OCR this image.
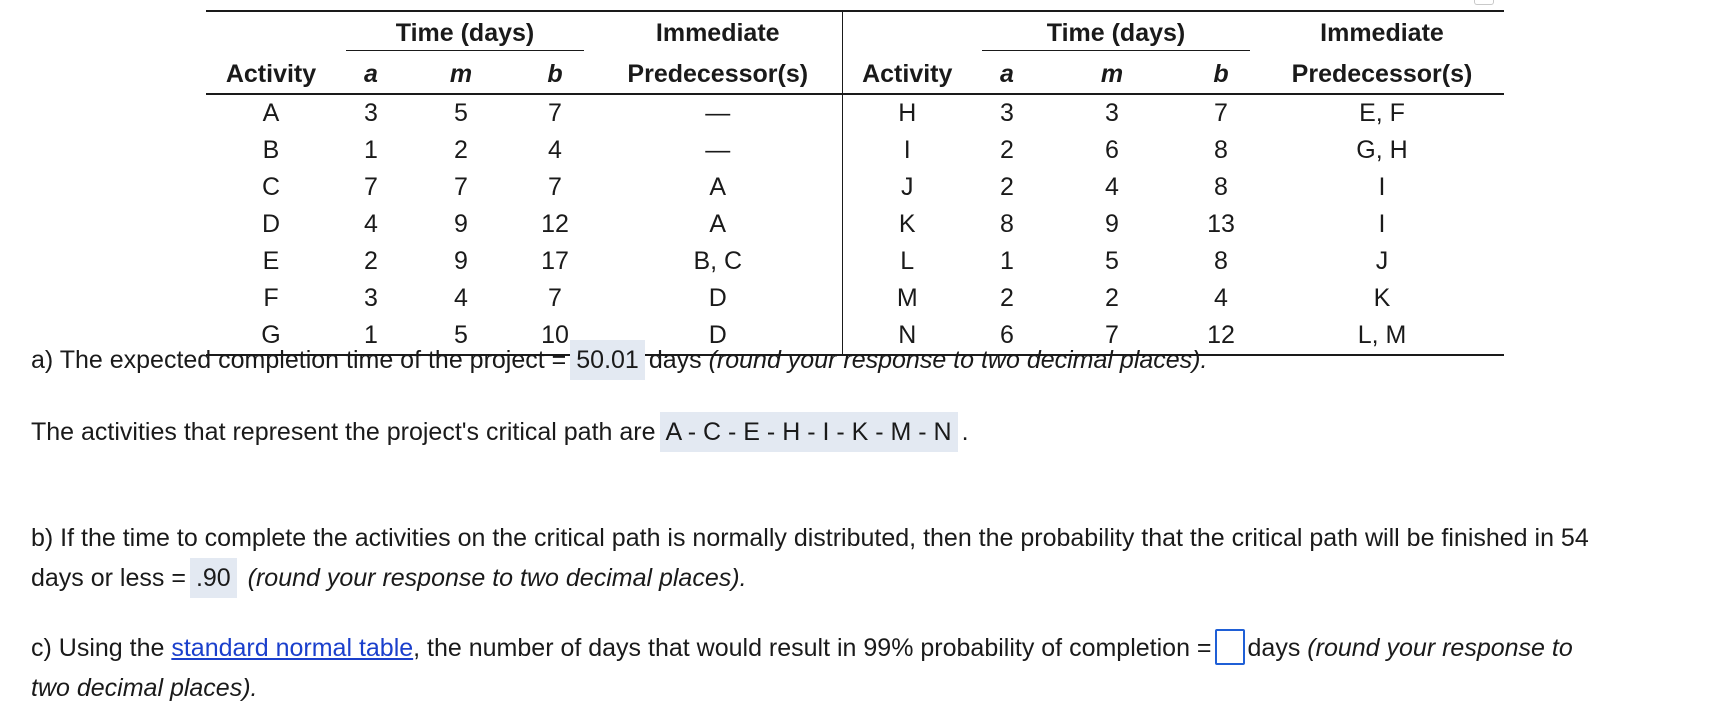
	Time (days)			Immediate		Time (days)			Immediate
Activity	a	m	b	Predecessor(s)	Activity	a	m	b	Predecessor(s)
A	3	5	7	—	H	3	3	7	E, F
B	1	2	4	—	I	2	6	8	G, H
C	7	7	7	A	J	2	4	8	I
D	4	9	12	A	K	8	9	13	I
E	2	9	17	B, C	L	1	5	8	J
F	3	4	7	D	M	2	2	4	K
G	1	5	10	D	N	6	7	12	L, M
a) The expected completion time of the project = 50.01 days (round your response to two decimal places).
The activities that represent the project's critical path are A - C - E - H - I - K - M - N .
b) If the time to complete the activities on the critical path is normally distributed, then the probability that the critical path will be finished in 54
days or less = .90 (round your response to two decimal places).
c) Using the standard normal table, the number of days that would result in 99% probability of completion = days (round your response to
two decimal places).
